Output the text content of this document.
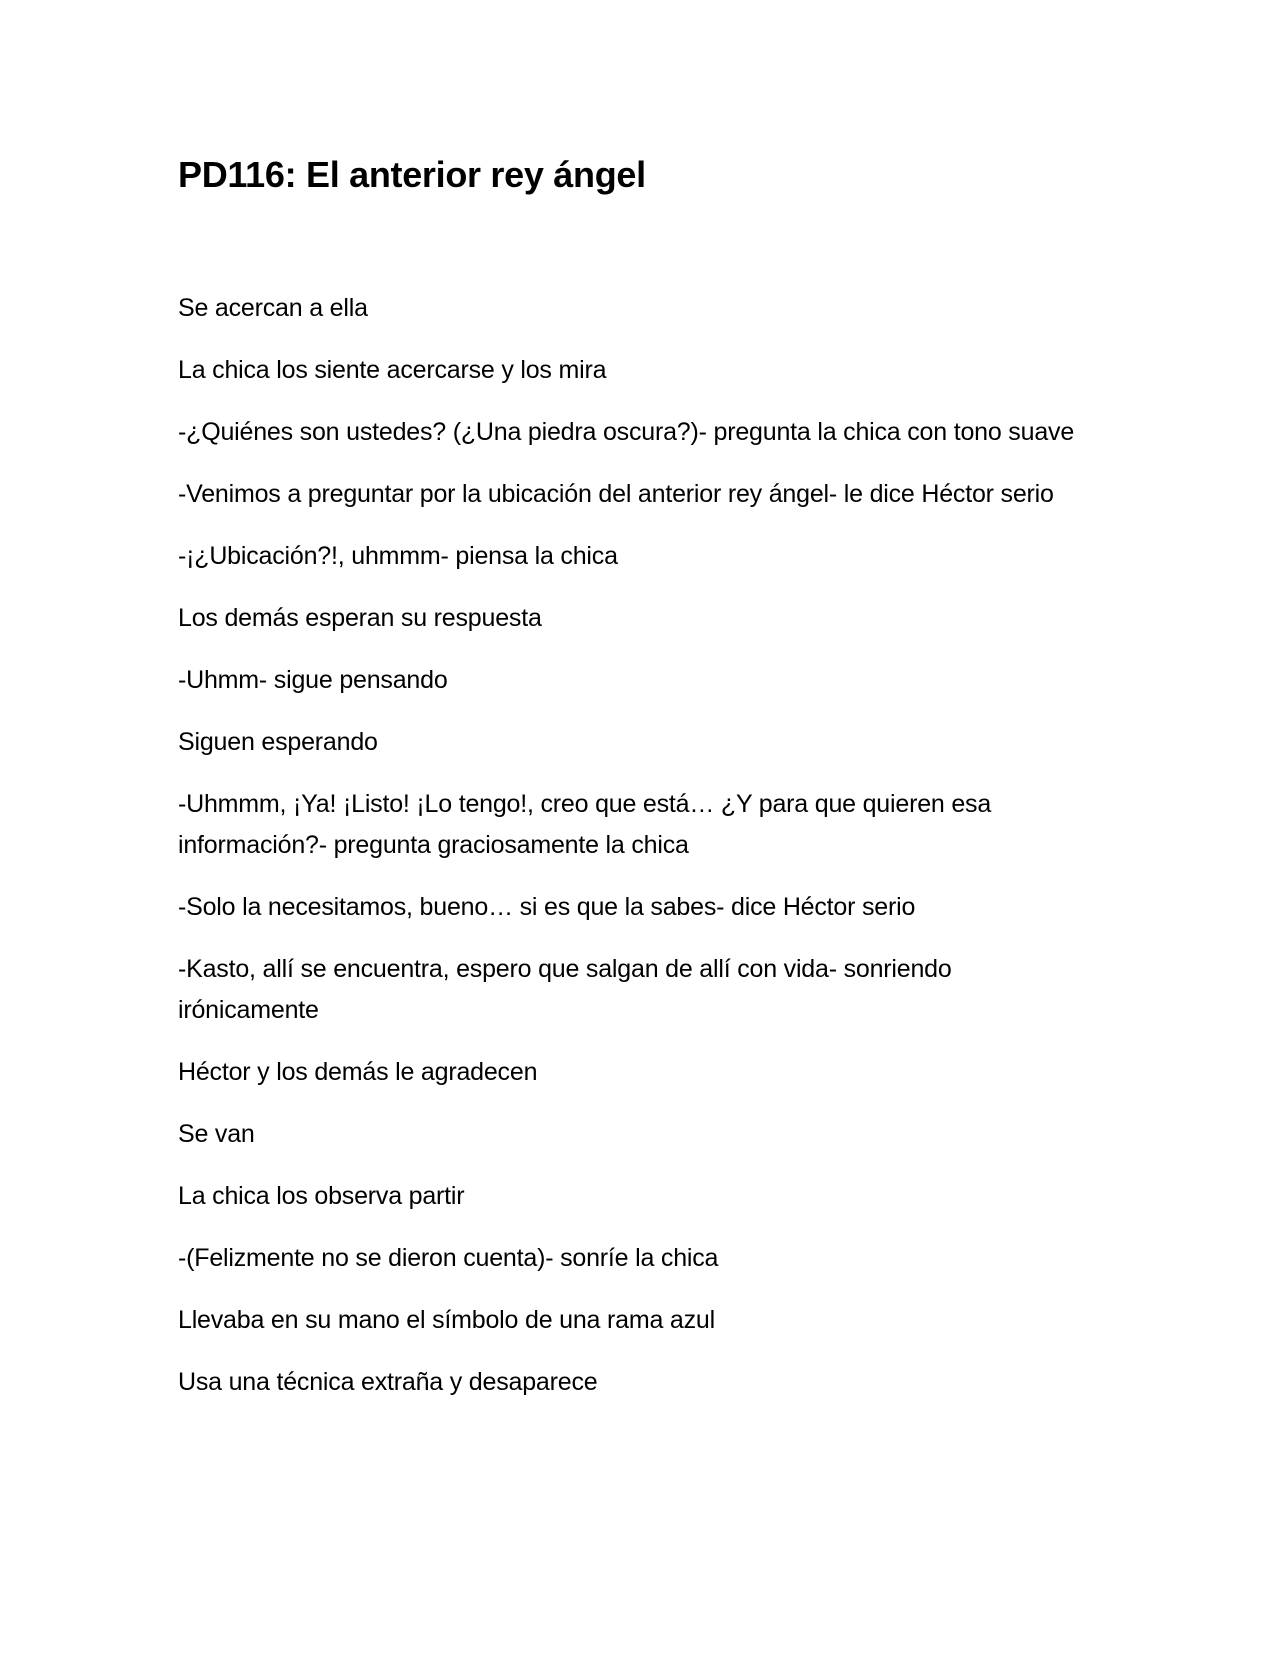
PD116: El anterior rey ángel

Se acercan a ella

La chica los siente acercarse y los mira

-¿Quiénes son ustedes? (¿Una piedra oscura?)- pregunta la chica con tono suave

-Venimos a preguntar por la ubicación del anterior rey ángel- le dice Héctor serio

-¡¿Ubicación?!, uhmmm- piensa la chica

Los demás esperan su respuesta

-Uhmm- sigue pensando

Siguen esperando

-Uhmmm, ¡Ya! ¡Listo! ¡Lo tengo!, creo que está… ¿Y para que quieren esa información?- pregunta graciosamente la chica

-Solo la necesitamos, bueno… si es que la sabes- dice Héctor serio

-Kasto, allí se encuentra, espero que salgan de allí con vida- sonriendo irónicamente

Héctor y los demás le agradecen

Se van

La chica los observa partir

-(Felizmente no se dieron cuenta)- sonríe la chica

Llevaba en su mano el símbolo de una rama azul

Usa una técnica extraña y desaparece
